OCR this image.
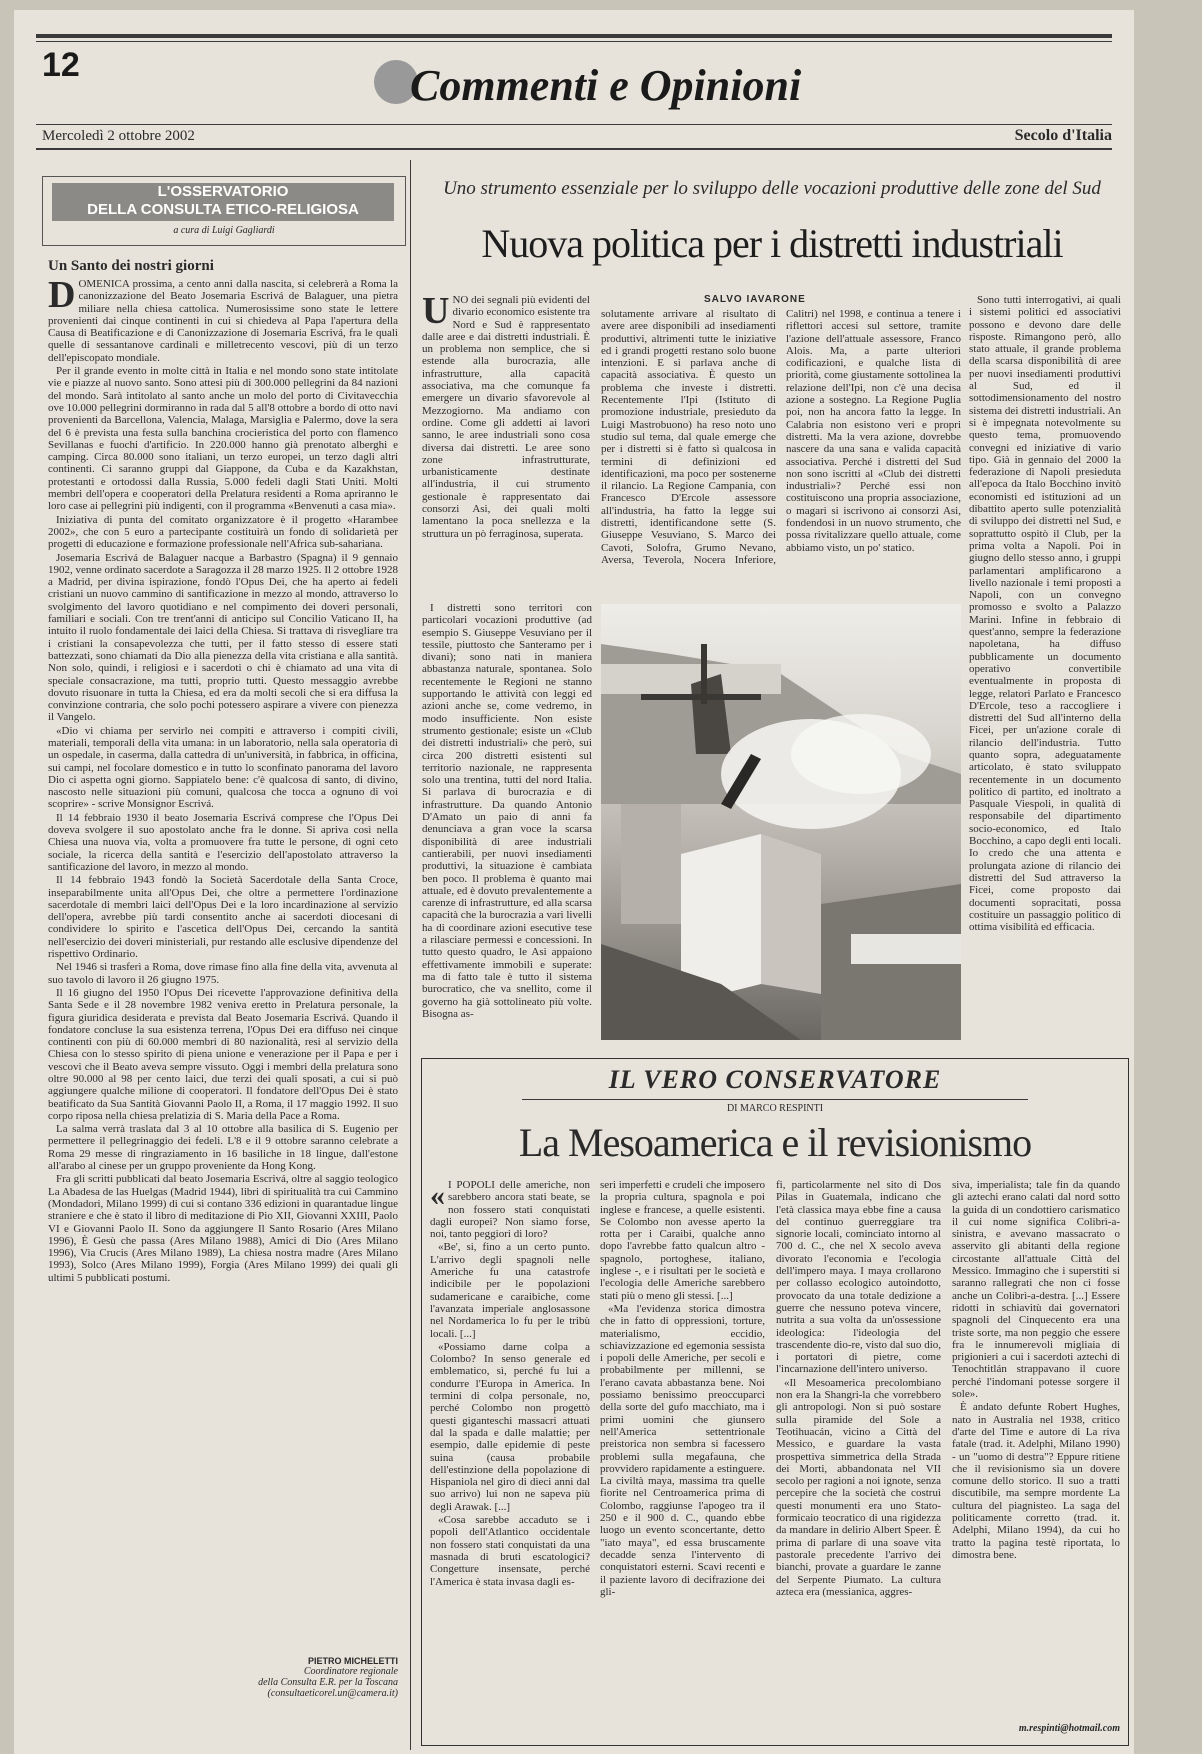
12	Commenti e Opinioni
Mercoledì 2 ottobre 2002	Secolo d'Italia
L'OSSERVATORIO
DELLA CONSULTA ETICO-RELIGIOSA
a cura di Luigi Gagliardi
Un Santo dei nostri giorni

DOMENICA prossima, a cento anni dalla nascita, si celebrerà a Roma la canonizzazione del Beato Josemaria Escrivá de Balaguer, una pietra miliare nella chiesa cattolica. Numerosissime sono state le lettere provenienti dai cinque continenti in cui si chiedeva al Papa l'apertura della Causa di Beatificazione e di Canonizzazione di Josemaria Escrivá, fra le quali quelle di sessantanove cardinali e milletrecento vescovi, più di un terzo dell'episcopato mondiale.

Per il grande evento in molte città in Italia e nel mondo sono state intitolate vie e piazze al nuovo santo. Sono attesi più di 300.000 pellegrini da 84 nazioni del mondo. Sarà intitolato al santo anche un molo del porto di Civitavecchia ove 10.000 pellegrini dormiranno in rada dal 5 all'8 ottobre a bordo di otto navi provenienti da Barcellona, Valencia, Malaga, Marsiglia e Palermo, dove la sera del 6 è prevista una festa sulla banchina crocieristica del porto con flamenco Sevillanas e fuochi d'artificio. In 220.000 hanno già prenotato alberghi e camping. Circa 80.000 sono italiani, un terzo europei, un terzo dagli altri continenti. Ci saranno gruppi dal Giappone, da Cuba e da Kazakhstan, protestanti e ortodossi dalla Russia, 5.000 fedeli dagli Stati Uniti. Molti membri dell'opera e cooperatori della Prelatura residenti a Roma apriranno le loro case ai pellegrini più indigenti, con il programma «Benvenuti a casa mia».

Iniziativa di punta del comitato organizzatore è il progetto «Harambee 2002», che con 5 euro a partecipante costituirà un fondo di solidarietà per progetti di educazione e formazione professionale nell'Africa sub-sahariana.

Josemaria Escrivá de Balaguer nacque a Barbastro (Spagna) il 9 gennaio 1902, venne ordinato sacerdote a Saragozza il 28 marzo 1925. Il 2 ottobre 1928 a Madrid, per divina ispirazione, fondò l'Opus Dei, che ha aperto ai fedeli cristiani un nuovo cammino di santificazione in mezzo al mondo, attraverso lo svolgimento del lavoro quotidiano e nel compimento dei doveri personali, familiari e sociali. Con tre trent'anni di anticipo sul Concilio Vaticano II, ha intuito il ruolo fondamentale dei laici della Chiesa. Si trattava di risvegliare tra i cristiani la consapevolezza che tutti, per il fatto stesso di essere stati battezzati, sono chiamati da Dio alla pienezza della vita cristiana e alla santità. Non solo, quindi, i religiosi e i sacerdoti o chi è chiamato ad una vita di speciale consacrazione, ma tutti, proprio tutti. Questo messaggio avrebbe dovuto risuonare in tutta la Chiesa, ed era da molti secoli che si era diffusa la convinzione contraria, che solo pochi potessero aspirare a vivere con pienezza il Vangelo.

«Dio vi chiama per servirlo nei compiti e attraverso i compiti civili, materiali, temporali della vita umana: in un laboratorio, nella sala operatoria di un ospedale, in caserma, dalla cattedra di un'università, in fabbrica, in officina, sui campi, nel focolare domestico e in tutto lo sconfinato panorama del lavoro Dio ci aspetta ogni giorno. Sappiatelo bene: c'è qualcosa di santo, di divino, nascosto nelle situazioni più comuni, qualcosa che tocca a ognuno di voi scoprire» - scrive Monsignor Escrivá.

Il 14 febbraio 1930 il beato Josemaria Escrivá comprese che l'Opus Dei doveva svolgere il suo apostolato anche fra le donne. Si apriva così nella Chiesa una nuova via, volta a promuovere fra tutte le persone, di ogni ceto sociale, la ricerca della santità e l'esercizio dell'apostolato attraverso la santificazione del lavoro, in mezzo al mondo.

Il 14 febbraio 1943 fondò la Società Sacerdotale della Santa Croce, inseparabilmente unita all'Opus Dei, che oltre a permettere l'ordinazione sacerdotale di membri laici dell'Opus Dei e la loro incardinazione al servizio dell'opera, avrebbe più tardi consentito anche ai sacerdoti diocesani di condividere lo spirito e l'ascetica dell'Opus Dei, cercando la santità nell'esercizio dei doveri ministeriali, pur restando alle esclusive dipendenze del rispettivo Ordinario.

Nel 1946 si trasferì a Roma, dove rimase fino alla fine della vita, avvenuta al suo tavolo di lavoro il 26 giugno 1975.

Il 16 giugno del 1950 l'Opus Dei ricevette l'approvazione definitiva della Santa Sede e il 28 novembre 1982 veniva eretto in Prelatura personale, la figura giuridica desiderata e prevista dal Beato Josemaria Escrivá. Quando il fondatore concluse la sua esistenza terrena, l'Opus Dei era diffuso nei cinque continenti con più di 60.000 membri di 80 nazionalità, resi al servizio della Chiesa con lo stesso spirito di piena unione e venerazione per il Papa e per i vescovi che il Beato aveva sempre vissuto. Oggi i membri della prelatura sono oltre 90.000 al 98 per cento laici, due terzi dei quali sposati, a cui si può aggiungere qualche milione di cooperatori. Il fondatore dell'Opus Dei è stato beatificato da Sua Santità Giovanni Paolo II, a Roma, il 17 maggio 1992. Il suo corpo riposa nella chiesa prelatizia di S. Maria della Pace a Roma.

La salma verrà traslata dal 3 al 10 ottobre alla basilica di S. Eugenio per permettere il pellegrinaggio dei fedeli. L'8 e il 9 ottobre saranno celebrate a Roma 29 messe di ringraziamento in 16 basiliche in 18 lingue, dall'estone all'arabo al cinese per un gruppo proveniente da Hong Kong.

Fra gli scritti pubblicati dal beato Josemaria Escrivá, oltre al saggio teologico La Abadesa de las Huelgas (Madrid 1944), libri di spiritualità tra cui Cammino (Mondadori, Milano 1999) di cui si contano 336 edizioni in quarantadue lingue straniere e che è stato il libro di meditazione di Pio XII, Giovanni XXIII, Paolo VI e Giovanni Paolo II. Sono da aggiungere Il Santo Rosario (Ares Milano 1996), È Gesù che passa (Ares Milano 1988), Amici di Dio (Ares Milano 1996), Via Crucis (Ares Milano 1989), La chiesa nostra madre (Ares Milano 1993), Solco (Ares Milano 1999), Forgia (Ares Milano 1999) dei quali gli ultimi 5 pubblicati postumi.

PIETRO MICHELETTI
Coordinatore regionale
della Consulta E.R. per la Toscana
(consultaeticorel.un@camera.it)
Uno strumento essenziale per lo sviluppo delle vocazioni produttive delle zone del Sud
Nuova politica per i distretti industriali
SALVO IAVARONE

UNO dei segnali più evidenti del divario economico esistente tra Nord e Sud è rappresentato dalle aree e dai distretti industriali. È un problema non semplice, che si estende alla burocrazia, alle infrastrutture, alla capacità associativa, ma che comunque fa emergere un divario sfavorevole al Mezzogiorno. Ma andiamo con ordine. Come gli addetti ai lavori sanno, le aree industriali sono cosa diversa dai distretti. Le aree sono zone infrastrutturate, urbanisticamente destinate all'industria, il cui strumento gestionale è rappresentato dai consorzi Asi, dei quali molti lamentano la poca snellezza e la struttura un pò ferraginosa, superata.

I distretti sono territori con particolari vocazioni produttive (ad esempio S. Giuseppe Vesuviano per il tessile, piuttosto che Santeramo per i divani); sono nati in maniera abbastanza naturale, spontanea. Solo recentemente le Regioni ne stanno supportando le attività con leggi ed azioni anche se, come vedremo, in modo insufficiente. Non esiste strumento gestionale; esiste un «Club dei distretti industriali» che però, sui circa 200 distretti esistenti sul territorio nazionale, ne rappresenta solo una trentina, tutti del nord Italia. Si parlava di burocrazia e di infrastrutture. Da quando Antonio D'Amato un paio di anni fa denunciava a gran voce la scarsa disponibilità di aree industriali cantierabili, per nuovi insediamenti produttivi, la situazione è cambiata ben poco. Il problema è quanto mai attuale, ed è dovuto prevalentemente a carenze di infrastrutture, ed alla scarsa capacità che la burocrazia a vari livelli ha di coordinare azioni esecutive tese a rilasciare permessi e concessioni. In tutto questo quadro, le Asi appaiono effettivamente immobili e superate: ma di fatto tale è tutto il sistema burocratico, che va snellito, come il governo ha già sottolineato più volte. Bisogna as-

solutamente arrivare al risultato di avere aree disponibili ad insediamenti produttivi, altrimenti tutte le iniziative ed i grandi progetti restano solo buone intenzioni. E si parlava anche di capacità associativa. È questo un problema che investe i distretti. Recentemente l'Ipi (Istituto di promozione industriale, presieduto da Luigi Mastrobuono) ha reso noto uno studio sul tema, dal quale emerge che per i distretti si è fatto sì qualcosa in termini di definizioni ed identificazioni, ma poco per sostenerne il rilancio. La Regione Campania, con Francesco D'Ercole assessore all'industria, ha fatto la legge sui distretti, identificandone sette (S. Giuseppe Vesuviano, S. Marco dei Cavoti, Solofra, Grumo Nevano, Aversa, Teverola, Nocera Inferiore, Calitri) nel 1998, e continua a tenere i riflettori accesi sul settore, tramite l'azione dell'attuale assessore, Franco Alois. Ma, a parte ulteriori codificazioni, e qualche lista di priorità, come giustamente sottolinea la relazione dell'Ipi, non c'è una decisa azione a sostegno. La Regione Puglia poi, non ha ancora fatto la legge. In Calabria non esistono veri e propri distretti. Ma la vera azione, dovrebbe nascere da una sana e valida capacità associativa. Perché i distretti del Sud non sono iscritti al «Club dei distretti industriali»? Perché essi non costituiscono una propria associazione, o magari si iscrivono ai consorzi Asi, fondendosi in un nuovo strumento, che possa rivitalizzare quello attuale, come abbiamo visto, un po' statico.

Sono tutti interrogativi, ai quali i sistemi politici ed associativi possono e devono dare delle risposte. Rimangono però, allo stato attuale, il grande problema della scarsa disponibilità di aree per nuovi insediamenti produttivi al Sud, ed il sottodimensionamento del nostro sistema dei distretti industriali. An si è impegnata notevolmente su questo tema, promuovendo convegni ed iniziative di vario tipo. Già in gennaio del 2000 la federazione di Napoli presieduta all'epoca da Italo Bocchino invitò economisti ed istituzioni ad un dibattito aperto sulle potenzialità di sviluppo dei distretti nel Sud, e soprattutto ospitò il Club, per la prima volta a Napoli. Poi in giugno dello stesso anno, i gruppi parlamentari amplificarono a livello nazionale i temi proposti a Napoli, con un convegno promosso e svolto a Palazzo Marini. Infine in febbraio di quest'anno, sempre la federazione napoletana, ha diffuso pubblicamente un documento operativo convertibile eventualmente in proposta di legge, relatori Parlato e Francesco D'Ercole, teso a raccogliere i distretti del Sud all'interno della Ficei, per un'azione corale di rilancio dell'industria. Tutto quanto sopra, adeguatamente articolato, è stato sviluppato recentemente in un documento politico di partito, ed inoltrato a Pasquale Viespoli, in qualità di responsabile del dipartimento socio-economico, ed Italo Bocchino, a capo degli enti locali. Io credo che una attenta e prolungata azione di rilancio dei distretti del Sud attraverso la Ficei, come proposto dai documenti sopracitati, possa costituire un passaggio politico di ottima visibilità ed efficacia.

IL VERO CONSERVATORE
DI MARCO RESPINTI
La Mesoamerica e il revisionismo

« I POPOLI delle americhe, non sarebbero ancora stati beate, se non fossero stati conquistati dagli europei? Non siamo forse, noi, tanto peggiori di loro?

«Be', si, fino a un certo punto. L'arrivo degli spagnoli nelle Americhe fu una catastrofe indicibile per le popolazioni sudamericane e caraibiche, come l'avanzata imperiale anglosassone nel Nordamerica lo fu per le tribù locali. [...]

«Possiamo darne colpa a Colombo? In senso generale ed emblematico, sì, perché fu lui a condurre l'Europa in America. In termini di colpa personale, no, perché Colombo non progettò questi giganteschi massacri attuati dal la spada e dalle malattie; per esempio, dalle epidemie di peste suina (causa probabile dell'estinzione della popolazione di Hispaniola nel giro di dieci anni dal suo arrivo) lui non ne sapeva più degli Arawak. [...]

«Cosa sarebbe accaduto se i popoli dell'Atlantico occidentale non fossero stati conquistati da una masnada di bruti escatologici? Congetture insensate, perché l'America è stata invasa dagli es-

seri imperfetti e crudeli che imposero la propria cultura, spagnola e poi inglese e francese, a quelle esistenti. Se Colombo non avesse aperto la rotta per i Caraibi, qualche anno dopo l'avrebbe fatto qualcun altro - spagnolo, portoghese, italiano, inglese -, e i risultati per le società e l'ecologia delle Americhe sarebbero stati più o meno gli stessi. [...]

«Ma l'evidenza storica dimostra che in fatto di oppressioni, torture, materialismo, eccidio, schiavizzazione ed egemonia sessista i popoli delle Americhe, per secoli e probabilmente per millenni, se l'erano cavata abbastanza bene. Noi possiamo benissimo preoccuparci della sorte del gufo macchiato, ma i primi uomini che giunsero nell'America settentrionale preistorica non sembra si facessero problemi sulla megafauna, che provvidero rapidamente a estinguere. La civiltà maya, massima tra quelle fiorite nel Centroamerica prima di Colombo, raggiunse l'apogeo tra il 250 e il 900 d. C., quando ebbe luogo un evento sconcertante, detto "iato maya", ed essa bruscamente decadde senza l'intervento di conquistatori esterni. Scavi recenti e il paziente lavoro di decifrazione dei gli-

fi, particolarmente nel sito di Dos Pilas in Guatemala, indicano che l'età classica maya ebbe fine a causa del continuo guerreggiare tra signorie locali, cominciato intorno al 700 d. C., che nel X secolo aveva divorato l'economia e l'ecologia dell'impero maya. I maya crollarono per collasso ecologico autoindotto, provocato da una totale dedizione a guerre che nessuno poteva vincere, nutrita a sua volta da un'ossessione ideologica: l'ideologia del trascendente dio-re, visto dal suo dio, i portatori di pietre, come l'incarnazione dell'intero universo.

«Il Mesoamerica precolombiano non era la Shangri-la che vorrebbero gli antropologi. Non si può sostare sulla piramide del Sole a Teotihuacán, vicino a Città del Messico, e guardare la vasta prospettiva simmetrica della Strada dei Morti, abbandonata nel VII secolo per ragioni a noi ignote, senza percepire che la società che costruì questi monumenti era uno Stato-formicaio teocratico di una rigidezza da mandare in delirio Albert Speer. È prima di parlare di una soave vita pastorale precedente l'arrivo dei bianchi, provate a guardare le zanne del Serpente Piumato. La cultura azteca era (messianica, aggres-

siva, imperialista; tale fin da quando gli aztechi erano calati dal nord sotto la guida di un condottiero carismatico il cui nome significa Colibrì-a-sinistra, e avevano massacrato o asservito gli abitanti della regione circostante all'attuale Città del Messico. Immagino che i superstiti si saranno rallegrati che non ci fosse anche un Colibrì-a-destra. [...] Essere ridotti in schiavitù dai governatori spagnoli del Cinquecento era una triste sorte, ma non peggio che essere fra le innumerevoli migliaia di prigionieri a cui i sacerdoti aztechi di Tenochtitlán strappavano il cuore perché l'indomani potesse sorgere il sole».

È andato defunte Robert Hughes, nato in Australia nel 1938, critico d'arte del Time e autore di La riva fatale (trad. it. Adelphi, Milano 1990) - un "uomo di destra"? Eppure ritiene che il revisionismo sia un dovere comune dello storico. Il suo a tratti discutibile, ma sempre mordente La cultura del piagnisteo. La saga del politicamente corretto (trad. it. Adelphi, Milano 1994), da cui ho tratto la pagina testè riportata, lo dimostra bene.

m.respinti@hotmail.com
